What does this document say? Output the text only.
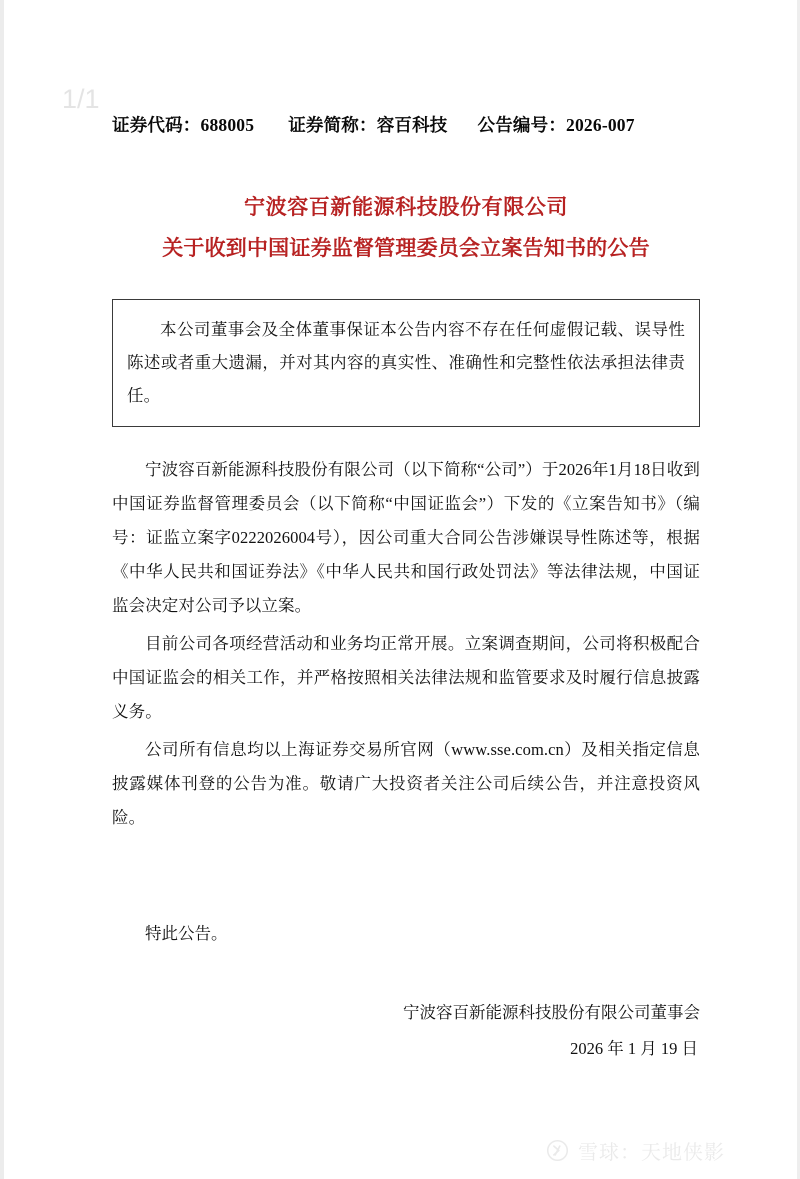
1/1
证券代码： 688005 证券简称： 容百科技 公告编号： 2026-007
宁波容百新能源科技股份有限公司
关于收到中国证券监督管理委员会立案告知书的公告

本公司董事会及全体董事保证本公告内容不存在任何虚假记载、误导性陈述或者重大遗漏，并对其内容的真实性、准确性和完整性依法承担法律责任。

宁波容百新能源科技股份有限公司（以下简称“公司”）于2026年1月18日收到中国证券监督管理委员会（以下简称“中国证监会”）下发的《立案告知书》（编号：证监立案字0222026004号），因公司重大合同公告涉嫌误导性陈述等，根据《中华人民共和国证券法》《中华人民共和国行政处罚法》等法律法规，中国证监会决定对公司予以立案。

目前公司各项经营活动和业务均正常开展。立案调查期间，公司将积极配合中国证监会的相关工作，并严格按照相关法律法规和监管要求及时履行信息披露义务。

公司所有信息均以上海证券交易所官网（www.sse.com.cn）及相关指定信息披露媒体刊登的公告为准。敬请广大投资者关注公司后续公告，并注意投资风险。

特此公告。
宁波容百新能源科技股份有限公司董事会
2026 年 1 月 19 日
雪球：天地侠影
